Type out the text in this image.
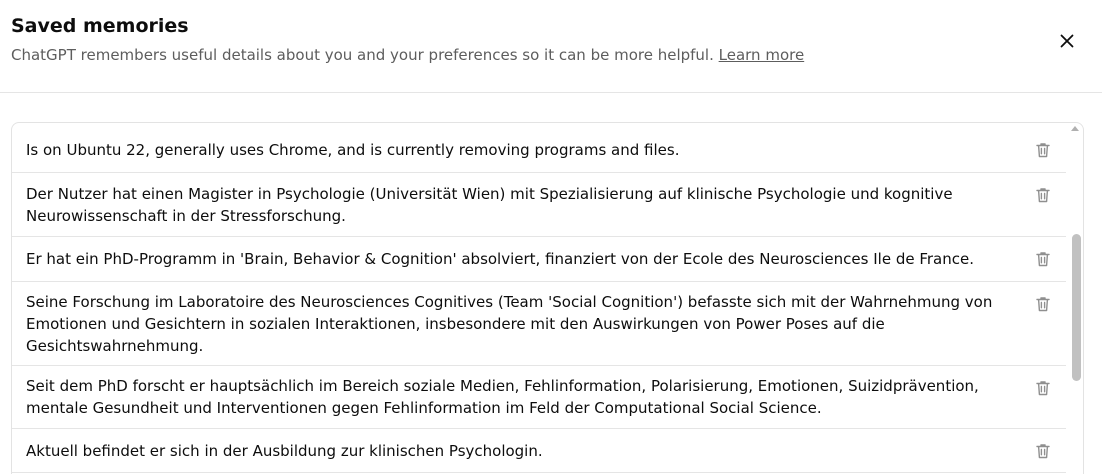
Saved memories
ChatGPT remembers useful details about you and your preferences so it can be more helpful. Learn more
Is on Ubuntu 22, generally uses Chrome, and is currently removing programs and files.
Der Nutzer hat einen Magister in Psychologie (Universität Wien) mit Spezialisierung auf klinische Psychologie und kognitive Neurowissenschaft in der Stressforschung.
Er hat ein PhD-Programm in 'Brain, Behavior & Cognition' absolviert, finanziert von der Ecole des Neurosciences Ile de France.
Seine Forschung im Laboratoire des Neurosciences Cognitives (Team 'Social Cognition') befasste sich mit der Wahrnehmung von Emotionen und Gesichtern in sozialen Interaktionen, insbesondere mit den Auswirkungen von Power Poses auf die Gesichtswahrnehmung.
Seit dem PhD forscht er hauptsächlich im Bereich soziale Medien, Fehlinformation, Polarisierung, Emotionen, Suizidprävention, mentale Gesundheit und Interventionen gegen Fehlinformation im Feld der Computational Social Science.
Aktuell befindet er sich in der Ausbildung zur klinischen Psychologin.
